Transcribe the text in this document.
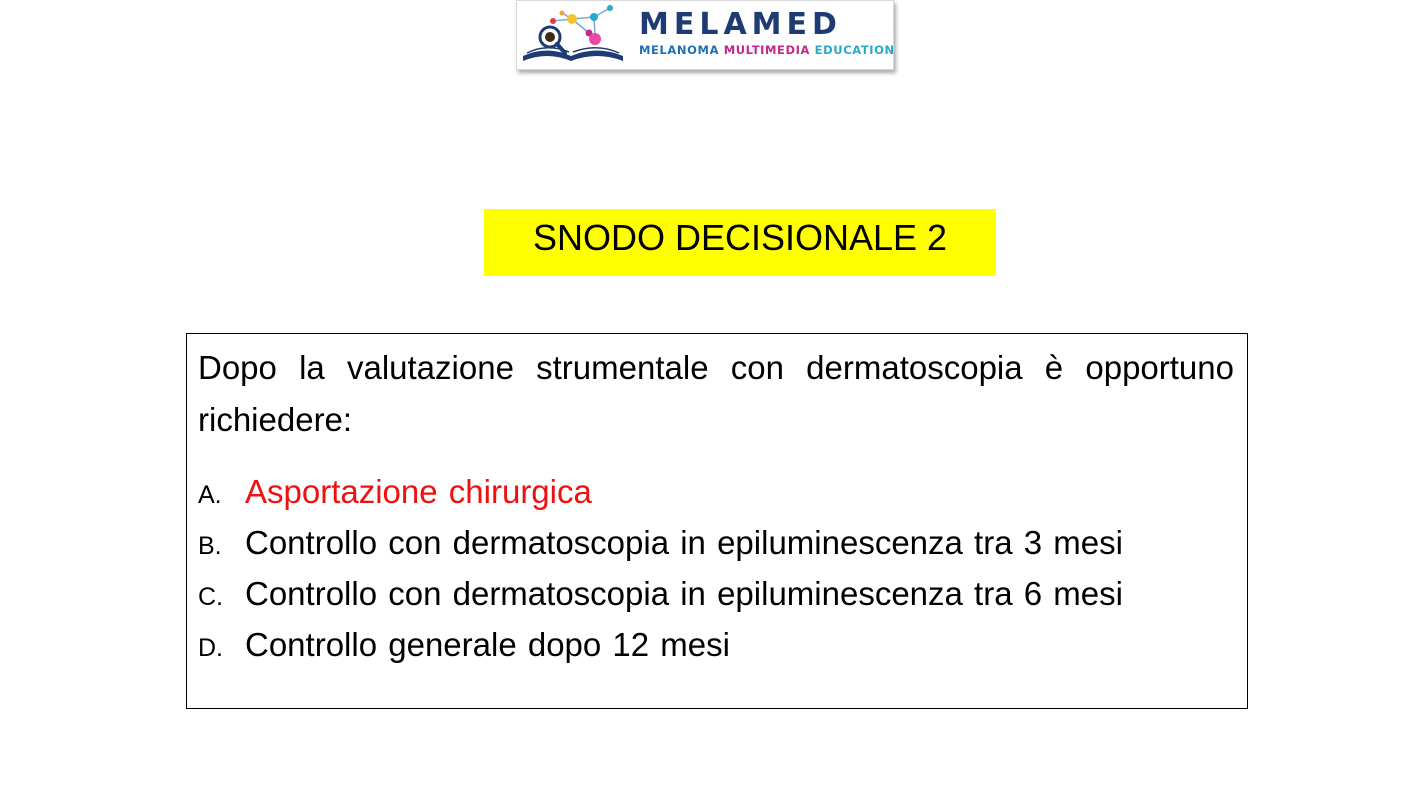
MELAMED
MELANOMA MULTIMEDIA EDUCATION
SNODO DECISIONALE 2

Dopo la valutazione strumentale con dermatoscopia è opportuno richiedere:

A. Asportazione chirurgica
B. Controllo con dermatoscopia in epiluminescenza tra 3 mesi
C. Controllo con dermatoscopia in epiluminescenza tra 6 mesi
D. Controllo generale dopo 12 mesi
